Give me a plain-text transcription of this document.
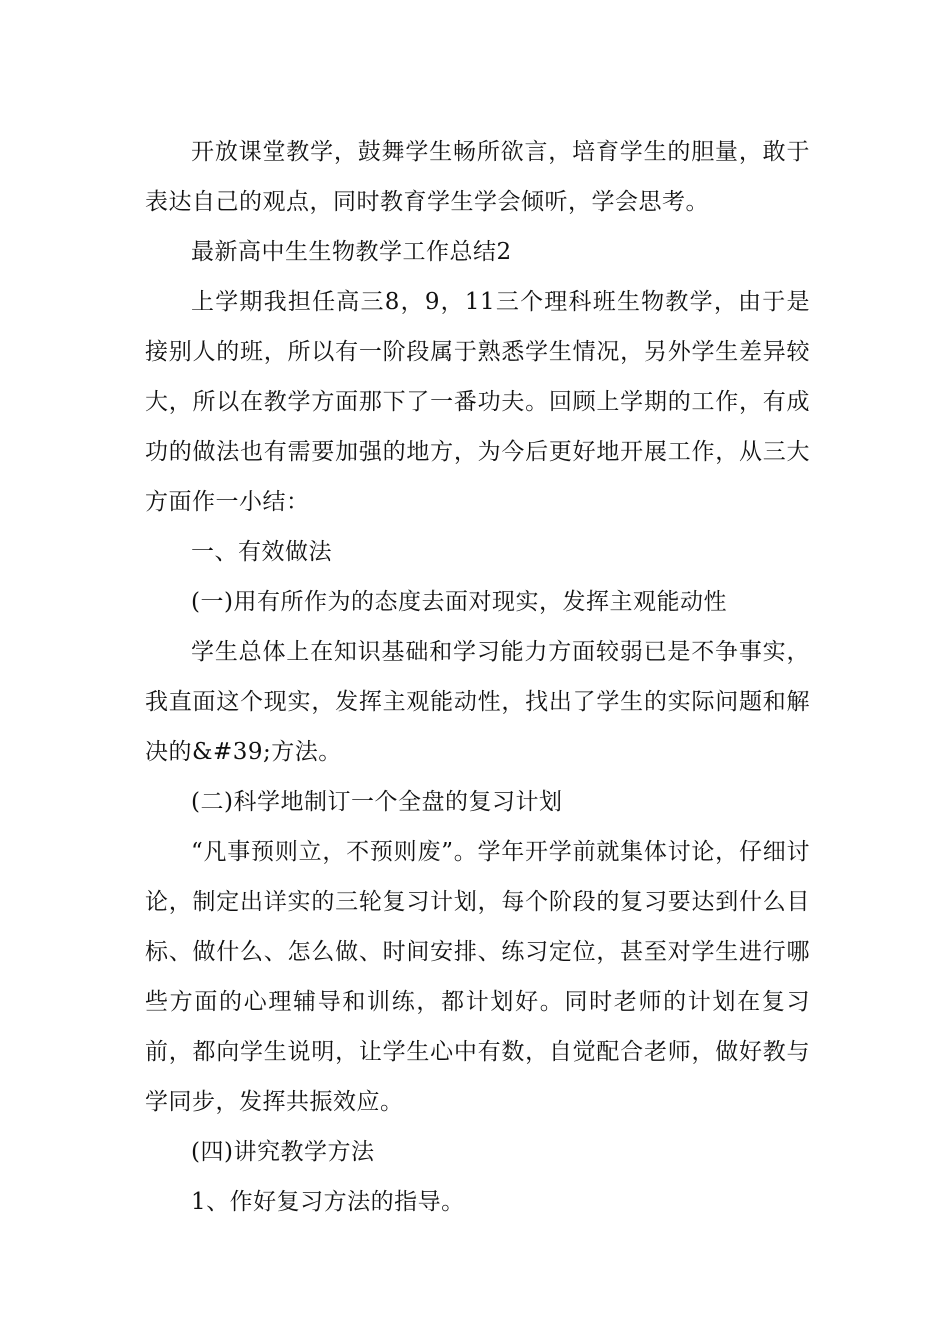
开放课堂教学，鼓舞学生畅所欲言，培育学生的胆量，敢于表达自己的观点，同时教育学生学会倾听，学会思考。

最新高中生生物教学工作总结2

上学期我担任高三8，9，11三个理科班生物教学，由于是接别人的班，所以有一阶段属于熟悉学生情况，另外学生差异较大，所以在教学方面那下了一番功夫。回顾上学期的工作，有成功的做法也有需要加强的地方，为今后更好地开展工作，从三大方面作一小结：

一、有效做法

(一)用有所作为的态度去面对现实，发挥主观能动性

学生总体上在知识基础和学习能力方面较弱已是不争事实，我直面这个现实，发挥主观能动性，找出了学生的实际问题和解决的&#39;方法。

(二)科学地制订一个全盘的复习计划

“凡事预则立，不预则废”。学年开学前就集体讨论，仔细讨论，制定出详实的三轮复习计划，每个阶段的复习要达到什么目标、做什么、怎么做、时间安排、练习定位，甚至对学生进行哪些方面的心理辅导和训练，都计划好。同时老师的计划在复习前，都向学生说明，让学生心中有数，自觉配合老师，做好教与学同步，发挥共振效应。

(四)讲究教学方法

1、作好复习方法的指导。
